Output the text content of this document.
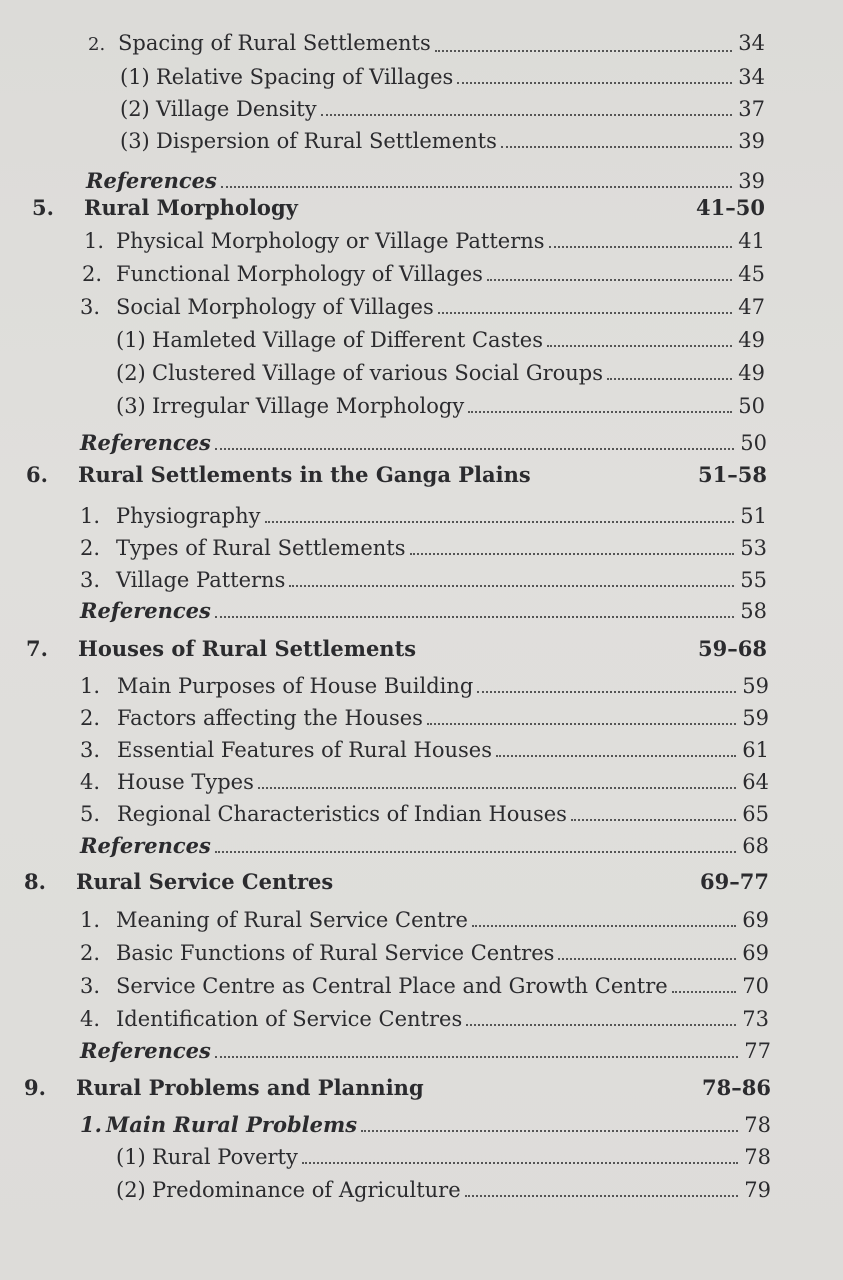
2. Spacing of Rural Settlements	34
(1) Relative Spacing of Villages	34
(2) Village Density	37
(3) Dispersion of Rural Settlements	39
References	39
5.	Rural Morphology	41–50
1. Physical Morphology or Village Patterns	41
2. Functional Morphology of Villages	45
3. Social Morphology of Villages	47
(1) Hamleted Village of Different Castes	49
(2) Clustered Village of various Social Groups	49
(3) Irregular Village Morphology	50
References	50
6.	Rural Settlements in the Ganga Plains	51–58
1. Physiography	51
2. Types of Rural Settlements	53
3. Village Patterns	55
References	58
7.	Houses of Rural Settlements	59–68
1. Main Purposes of House Building	59
2. Factors affecting the Houses	59
3. Essential Features of Rural Houses	61
4. House Types	64
5. Regional Characteristics of Indian Houses	65
References	68
8.	Rural Service Centres	69–77
1. Meaning of Rural Service Centre	69
2. Basic Functions of Rural Service Centres	69
3. Service Centre as Central Place and Growth Centre	70
4. Identification of Service Centres	73
References	77
9.	Rural Problems and Planning	78–86
1. Main Rural Problems	78
(1) Rural Poverty	78
(2) Predominance of Agriculture	79
